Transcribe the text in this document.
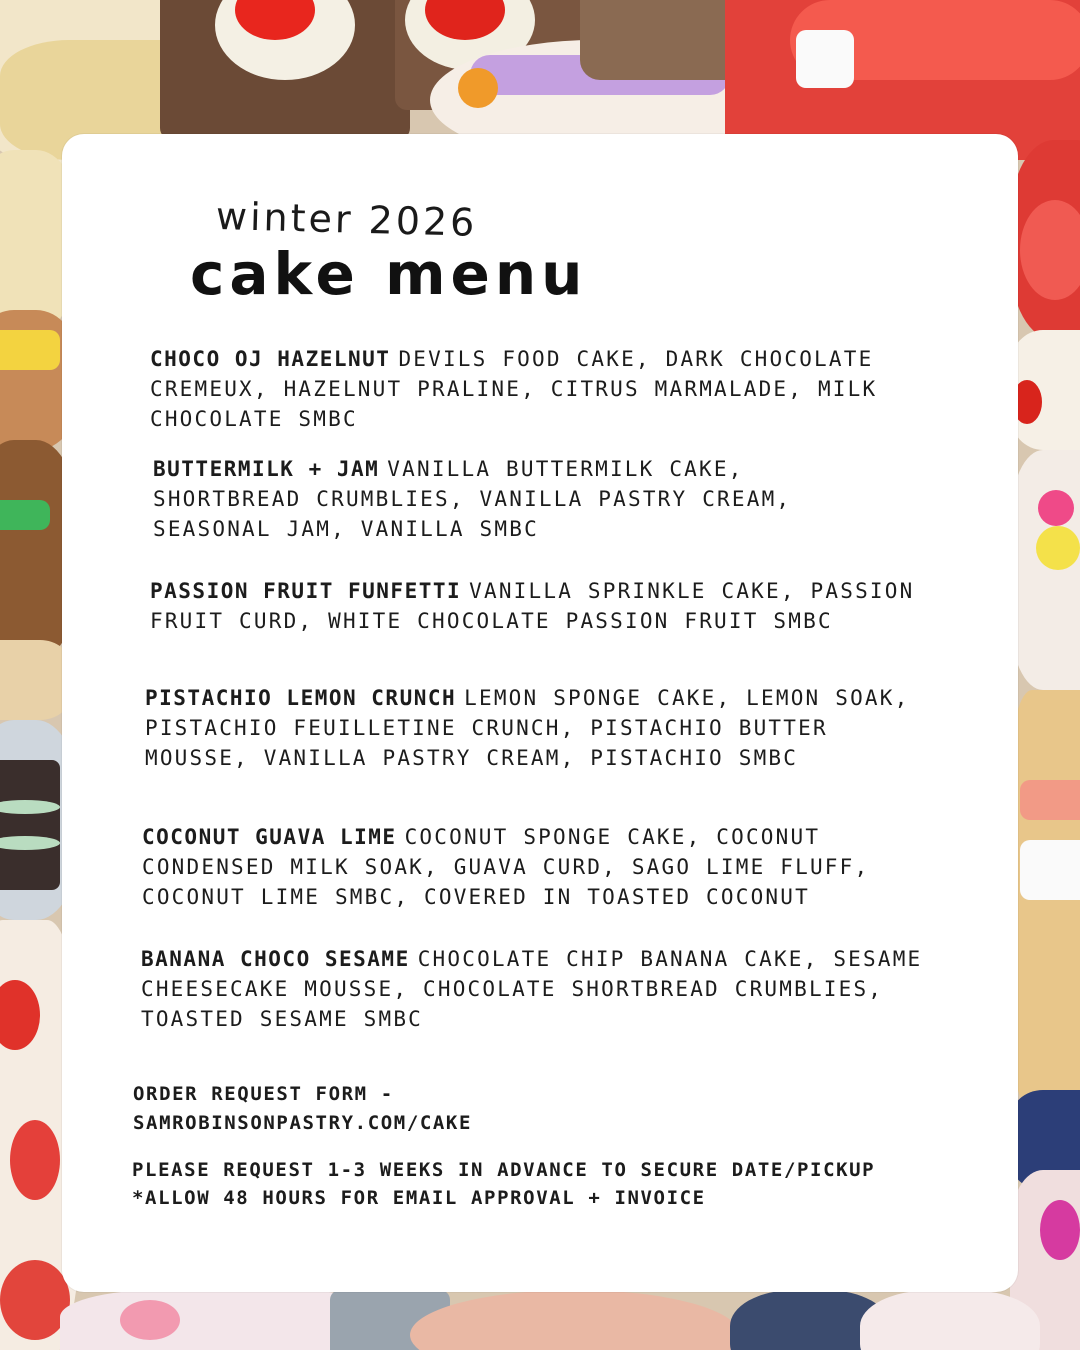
winter 2026
cake menu
CHOCO OJ HAZELNUT DEVILS FOOD CAKE, DARK CHOCOLATE CREMEUX, HAZELNUT PRALINE, CITRUS MARMALADE, MILK CHOCOLATE SMBC
BUTTERMILK + JAM VANILLA BUTTERMILK CAKE, SHORTBREAD CRUMBLIES, VANILLA PASTRY CREAM, SEASONAL JAM, VANILLA SMBC
PASSION FRUIT FUNFETTI VANILLA SPRINKLE CAKE, PASSION FRUIT CURD, WHITE CHOCOLATE PASSION FRUIT SMBC
PISTACHIO LEMON CRUNCH LEMON SPONGE CAKE, LEMON SOAK, PISTACHIO FEUILLETINE CRUNCH, PISTACHIO BUTTER MOUSSE, VANILLA PASTRY CREAM, PISTACHIO SMBC
COCONUT GUAVA LIME COCONUT SPONGE CAKE, COCONUT CONDENSED MILK SOAK, GUAVA CURD, SAGO LIME FLUFF, COCONUT LIME SMBC, COVERED IN TOASTED COCONUT
BANANA CHOCO SESAME CHOCOLATE CHIP BANANA CAKE, SESAME CHEESECAKE MOUSSE, CHOCOLATE SHORTBREAD CRUMBLIES, TOASTED SESAME SMBC
ORDER REQUEST FORM -
SAMROBINSONPASTRY.COM/CAKE
PLEASE REQUEST 1-3 WEEKS IN ADVANCE TO SECURE DATE/PICKUP
*ALLOW 48 HOURS FOR EMAIL APPROVAL + INVOICE
